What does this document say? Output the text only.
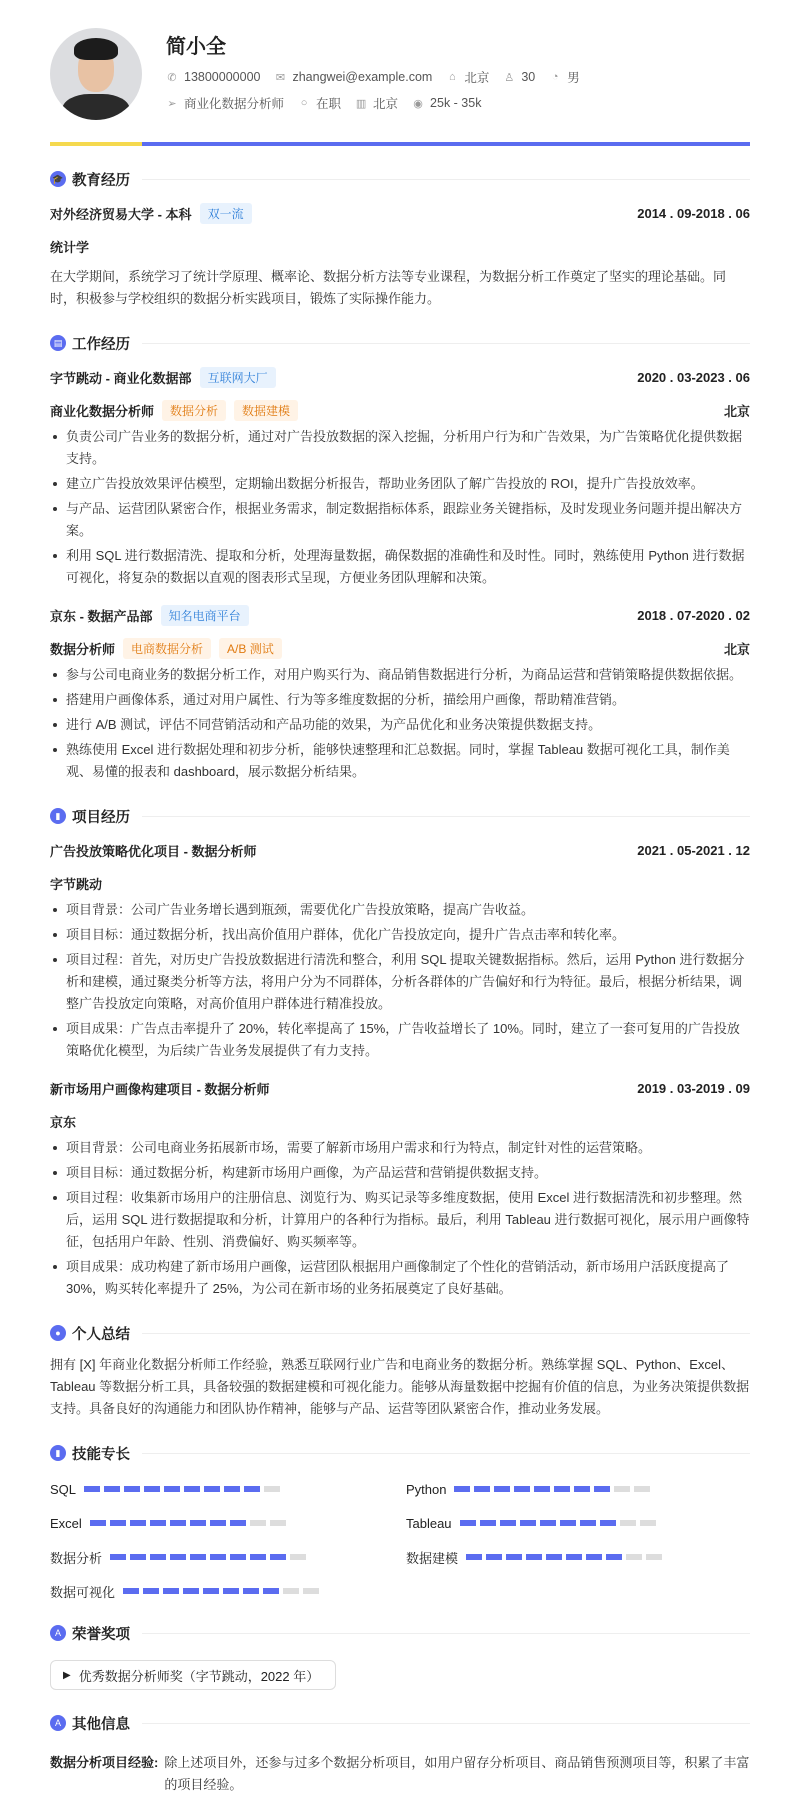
简小全
✆ 13800000000 ✉ zhangwei@example.com ⌂ 北京 ♙ 30 ◔ 男
➢ 商业化数据分析师 ○ 在职 ▥ 北京 ◉ 25k - 35k
🎓 教育经历
对外经济贸易大学 - 本科	双一流	2014 . 09-2018 . 06
统计学

在大学期间，系统学习了统计学原理、概率论、数据分析方法等专业课程，为数据分析工作奠定了坚实的理论基础。同时，积极参与学校组织的数据分析实践项目，锻炼了实际操作能力。

▤ 工作经历
字节跳动 - 商业化数据部	互联网大厂	2020 . 03-2023 . 06
商业化数据分析师	数据分析	数据建模	北京
负责公司广告业务的数据分析，通过对广告投放数据的深入挖掘，分析用户行为和广告效果，为广告策略优化提供数据支持。
建立广告投放效果评估模型，定期输出数据分析报告，帮助业务团队了解广告投放的 ROI，提升广告投放效率。
与产品、运营团队紧密合作，根据业务需求，制定数据指标体系，跟踪业务关键指标，及时发现业务问题并提出解决方案。
利用 SQL 进行数据清洗、提取和分析，处理海量数据，确保数据的准确性和及时性。同时，熟练使用 Python 进行数据可视化，将复杂的数据以直观的图表形式呈现，方便业务团队理解和决策。
京东 - 数据产品部	知名电商平台	2018 . 07-2020 . 02
数据分析师	电商数据分析	A/B 测试	北京
参与公司电商业务的数据分析工作，对用户购买行为、商品销售数据进行分析，为商品运营和营销策略提供数据依据。
搭建用户画像体系，通过对用户属性、行为等多维度数据的分析，描绘用户画像，帮助精准营销。
进行 A/B 测试，评估不同营销活动和产品功能的效果，为产品优化和业务决策提供数据支持。
熟练使用 Excel 进行数据处理和初步分析，能够快速整理和汇总数据。同时，掌握 Tableau 数据可视化工具，制作美观、易懂的报表和 dashboard，展示数据分析结果。
▮ 项目经历
广告投放策略优化项目 - 数据分析师	2021 . 05-2021 . 12
字节跳动
项目背景：公司广告业务增长遇到瓶颈，需要优化广告投放策略，提高广告收益。
项目目标：通过数据分析，找出高价值用户群体，优化广告投放定向，提升广告点击率和转化率。
项目过程：首先，对历史广告投放数据进行清洗和整合，利用 SQL 提取关键数据指标。然后，运用 Python 进行数据分析和建模，通过聚类分析等方法，将用户分为不同群体，分析各群体的广告偏好和行为特征。最后，根据分析结果，调整广告投放定向策略，对高价值用户群体进行精准投放。
项目成果：广告点击率提升了 20%，转化率提高了 15%，广告收益增长了 10%。同时，建立了一套可复用的广告投放策略优化模型，为后续广告业务发展提供了有力支持。
新市场用户画像构建项目 - 数据分析师	2019 . 03-2019 . 09
京东
项目背景：公司电商业务拓展新市场，需要了解新市场用户需求和行为特点，制定针对性的运营策略。
项目目标：通过数据分析，构建新市场用户画像，为产品运营和营销提供数据支持。
项目过程：收集新市场用户的注册信息、浏览行为、购买记录等多维度数据，使用 Excel 进行数据清洗和初步整理。然后，运用 SQL 进行数据提取和分析，计算用户的各种行为指标。最后，利用 Tableau 进行数据可视化，展示用户画像特征，包括用户年龄、性别、消费偏好、购买频率等。
项目成果：成功构建了新市场用户画像，运营团队根据用户画像制定了个性化的营销活动，新市场用户活跃度提高了 30%，购买转化率提升了 25%，为公司在新市场的业务拓展奠定了良好基础。
● 个人总结

拥有 [X] 年商业化数据分析师工作经验，熟悉互联网行业广告和电商业务的数据分析。熟练掌握 SQL、Python、Excel、Tableau 等数据分析工具，具备较强的数据建模和可视化能力。能够从海量数据中挖掘有价值的信息，为业务决策提供数据支持。具备良好的沟通能力和团队协作精神，能够与产品、运营等团队紧密合作，推动业务发展。

▮ 技能专长
SQL	Python
Excel	Tableau
数据分析	数据建模
数据可视化
A 荣誉奖项
▶ 优秀数据分析师奖（字节跳动，2022 年）
A 其他信息
数据分析项目经验: 除上述项目外，还参与过多个数据分析项目，如用户留存分析项目、商品销售预测项目等，积累了丰富的项目经验。
